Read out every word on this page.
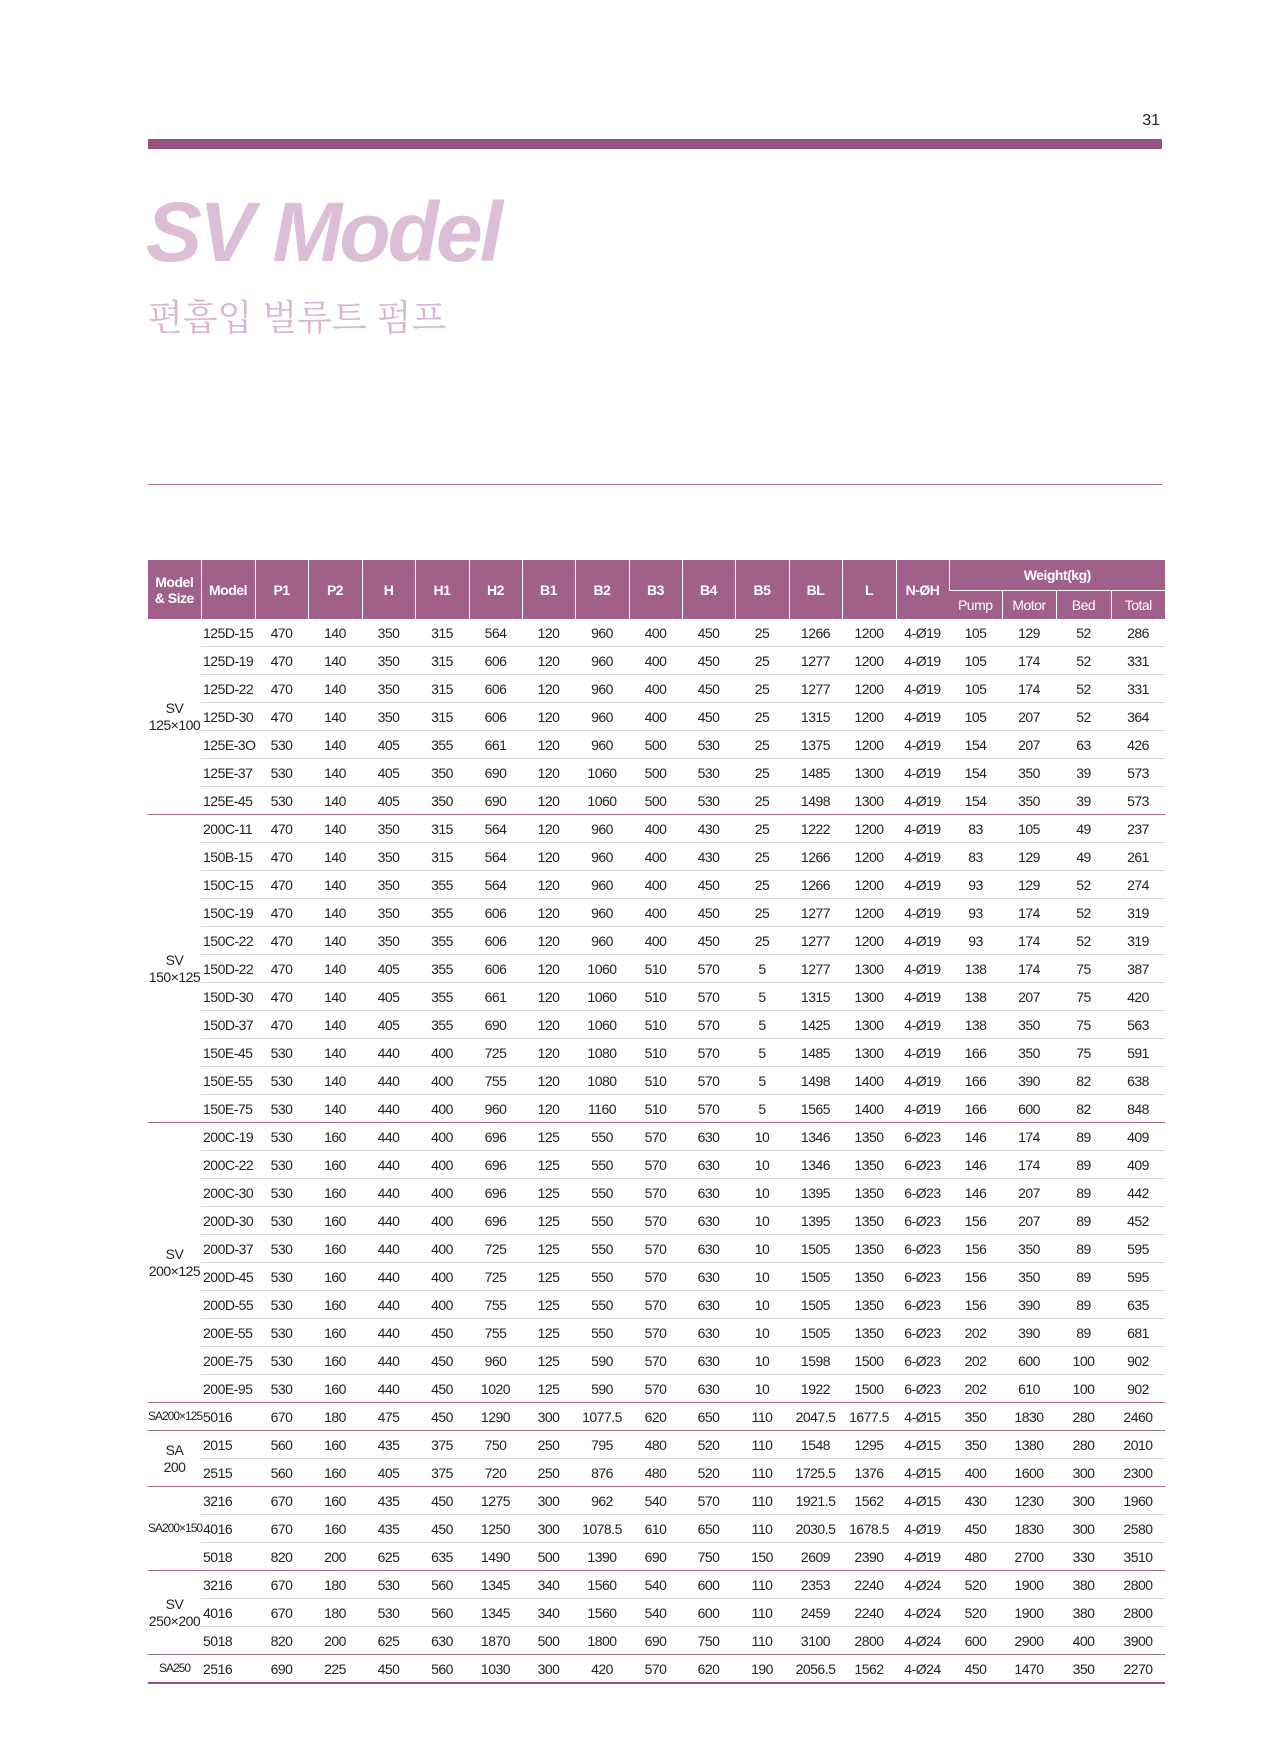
31
SV Model
편흡입 벌류트 펌프
Model
& Size	Model	P1	P2	H	H1	H2	B1	B2	B3	B4	B5	BL	L	N-ØH	Weight(kg)			
															Pump	Motor	Bed	Total
SV
125×100	125D-15	470	140	350	315	564	120	960	400	450	25	1266	1200	4-Ø19	105	129	52	286
	125D-19	470	140	350	315	606	120	960	400	450	25	1277	1200	4-Ø19	105	174	52	331
	125D-22	470	140	350	315	606	120	960	400	450	25	1277	1200	4-Ø19	105	174	52	331
	125D-30	470	140	350	315	606	120	960	400	450	25	1315	1200	4-Ø19	105	207	52	364
	125E-3O	530	140	405	355	661	120	960	500	530	25	1375	1200	4-Ø19	154	207	63	426
	125E-37	530	140	405	350	690	120	1060	500	530	25	1485	1300	4-Ø19	154	350	39	573
	125E-45	530	140	405	350	690	120	1060	500	530	25	1498	1300	4-Ø19	154	350	39	573
SV
150×125	200C-11	470	140	350	315	564	120	960	400	430	25	1222	1200	4-Ø19	83	105	49	237
	150B-15	470	140	350	315	564	120	960	400	430	25	1266	1200	4-Ø19	83	129	49	261
	150C-15	470	140	350	355	564	120	960	400	450	25	1266	1200	4-Ø19	93	129	52	274
	150C-19	470	140	350	355	606	120	960	400	450	25	1277	1200	4-Ø19	93	174	52	319
	150C-22	470	140	350	355	606	120	960	400	450	25	1277	1200	4-Ø19	93	174	52	319
	150D-22	470	140	405	355	606	120	1060	510	570	5	1277	1300	4-Ø19	138	174	75	387
	150D-30	470	140	405	355	661	120	1060	510	570	5	1315	1300	4-Ø19	138	207	75	420
	150D-37	470	140	405	355	690	120	1060	510	570	5	1425	1300	4-Ø19	138	350	75	563
	150E-45	530	140	440	400	725	120	1080	510	570	5	1485	1300	4-Ø19	166	350	75	591
	150E-55	530	140	440	400	755	120	1080	510	570	5	1498	1400	4-Ø19	166	390	82	638
	150E-75	530	140	440	400	960	120	1160	510	570	5	1565	1400	4-Ø19	166	600	82	848
SV
200×125	200C-19	530	160	440	400	696	125	550	570	630	10	1346	1350	6-Ø23	146	174	89	409
	200C-22	530	160	440	400	696	125	550	570	630	10	1346	1350	6-Ø23	146	174	89	409
	200C-30	530	160	440	400	696	125	550	570	630	10	1395	1350	6-Ø23	146	207	89	442
	200D-30	530	160	440	400	696	125	550	570	630	10	1395	1350	6-Ø23	156	207	89	452
	200D-37	530	160	440	400	725	125	550	570	630	10	1505	1350	6-Ø23	156	350	89	595
	200D-45	530	160	440	400	725	125	550	570	630	10	1505	1350	6-Ø23	156	350	89	595
	200D-55	530	160	440	400	755	125	550	570	630	10	1505	1350	6-Ø23	156	390	89	635
	200E-55	530	160	440	450	755	125	550	570	630	10	1505	1350	6-Ø23	202	390	89	681
	200E-75	530	160	440	450	960	125	590	570	630	10	1598	1500	6-Ø23	202	600	100	902
	200E-95	530	160	440	450	1020	125	590	570	630	10	1922	1500	6-Ø23	202	610	100	902
SA200×125	5016	670	180	475	450	1290	300	1077.5	620	650	110	2047.5	1677.5	4-Ø15	350	1830	280	2460
SA
200	2015	560	160	435	375	750	250	795	480	520	110	1548	1295	4-Ø15	350	1380	280	2010
	2515	560	160	405	375	720	250	876	480	520	110	1725.5	1376	4-Ø15	400	1600	300	2300
SA200×150	3216	670	160	435	450	1275	300	962	540	570	110	1921.5	1562	4-Ø15	430	1230	300	1960
	4016	670	160	435	450	1250	300	1078.5	610	650	110	2030.5	1678.5	4-Ø19	450	1830	300	2580
	5018	820	200	625	635	1490	500	1390	690	750	150	2609	2390	4-Ø19	480	2700	330	3510
SV
250×200	3216	670	180	530	560	1345	340	1560	540	600	110	2353	2240	4-Ø24	520	1900	380	2800
	4016	670	180	530	560	1345	340	1560	540	600	110	2459	2240	4-Ø24	520	1900	380	2800
	5018	820	200	625	630	1870	500	1800	690	750	110	3100	2800	4-Ø24	600	2900	400	3900
SA250	2516	690	225	450	560	1030	300	420	570	620	190	2056.5	1562	4-Ø24	450	1470	350	2270
